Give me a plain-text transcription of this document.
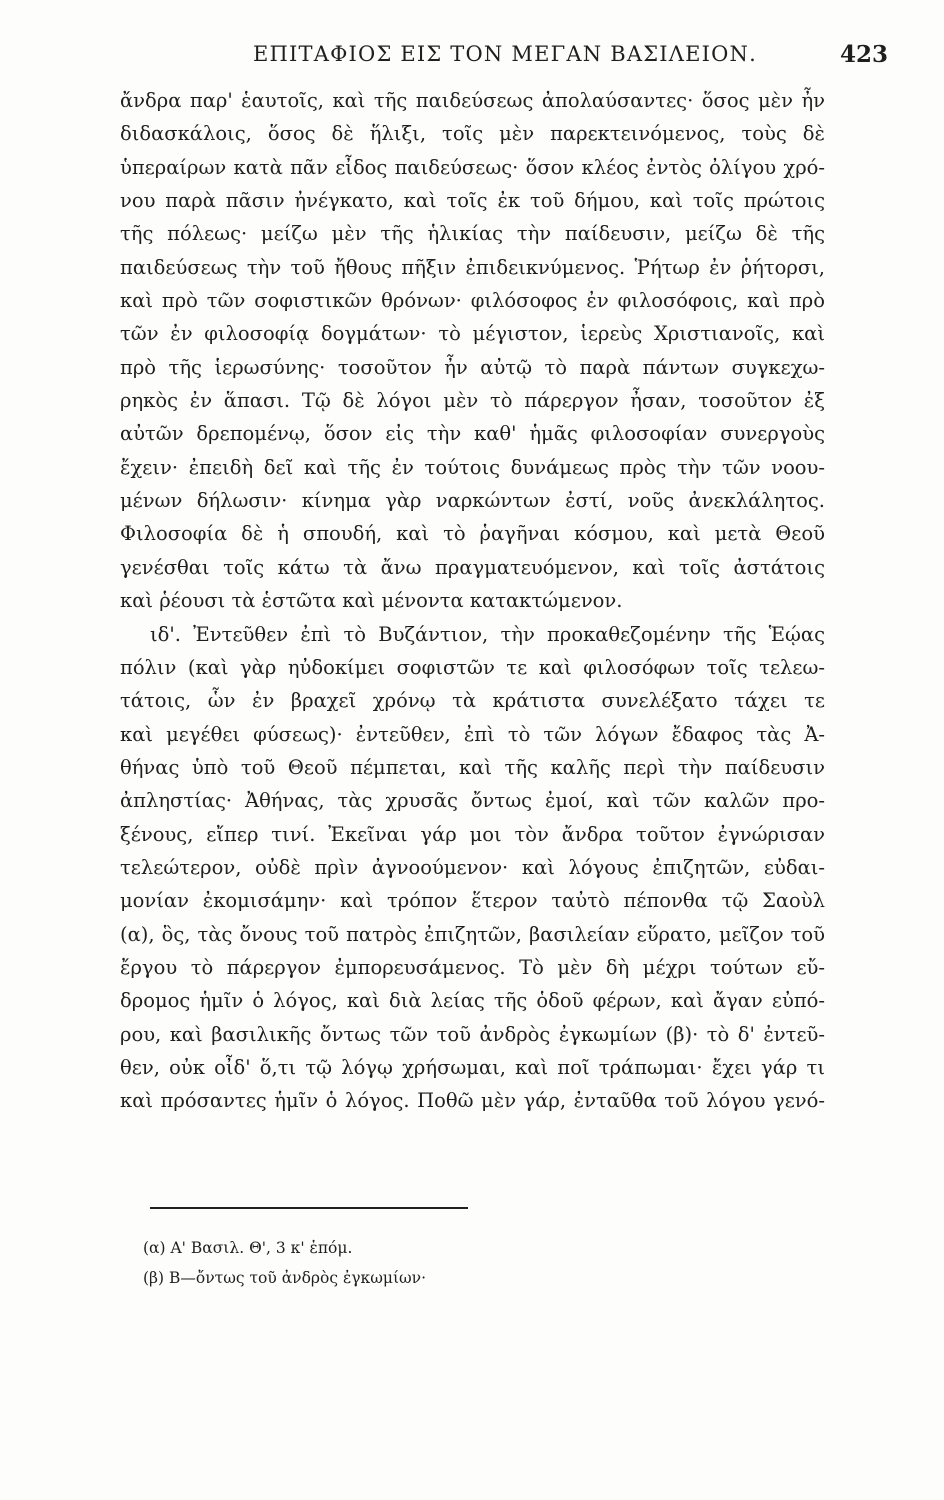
ΕΠΙΤΑΦΙΟΣ ΕΙΣ ΤΟΝ ΜΕΓΑΝ ΒΑΣΙΛΕΙΟΝ.	423
ἄνδρα παρ' ἑαυτοῖς, καὶ τῆς παιδεύσεως ἀπολαύσαντες· ὅσος μὲν ἦν
διδασκάλοις, ὅσος δὲ ἥλιξι, τοῖς μὲν παρεκτεινόμενος, τοὺς δὲ
ὑπεραίρων κατὰ πᾶν εἶδος παιδεύσεως· ὅσον κλέος ἐντὸς ὀλίγου χρό-
νου παρὰ πᾶσιν ἠνέγκατο, καὶ τοῖς ἐκ τοῦ δήμου, καὶ τοῖς πρώτοις
τῆς πόλεως· μείζω μὲν τῆς ἡλικίας τὴν παίδευσιν, μείζω δὲ τῆς
παιδεύσεως τὴν τοῦ ἤθους πῆξιν ἐπιδεικνύμενος. Ῥήτωρ ἐν ῥήτορσι,
καὶ πρὸ τῶν σοφιστικῶν θρόνων· φιλόσοφος ἐν φιλοσόφοις, καὶ πρὸ
τῶν ἐν φιλοσοφίᾳ δογμάτων· τὸ μέγιστον, ἱερεὺς Χριστιανοῖς, καὶ
πρὸ τῆς ἱερωσύνης· τοσοῦτον ἦν αὐτῷ τὸ παρὰ πάντων συγκεχω-
ρηκὸς ἐν ἅπασι. Τῷ δὲ λόγοι μὲν τὸ πάρεργον ἦσαν, τοσοῦτον ἐξ
αὐτῶν δρεπομένῳ, ὅσον εἰς τὴν καθ' ἡμᾶς φιλοσοφίαν συνεργοὺς
ἔχειν· ἐπειδὴ δεῖ καὶ τῆς ἐν τούτοις δυνάμεως πρὸς τὴν τῶν νοου-
μένων δήλωσιν· κίνημα γὰρ ναρκώντων ἐστί, νοῦς ἀνεκλάλητος.
Φιλοσοφία δὲ ἡ σπουδή, καὶ τὸ ῥαγῆναι κόσμου, καὶ μετὰ Θεοῦ
γενέσθαι τοῖς κάτω τὰ ἄνω πραγματευόμενον, καὶ τοῖς ἀστάτοις
καὶ ῥέουσι τὰ ἑστῶτα καὶ μένοντα κατακτώμενον.
ιδ'. Ἐντεῦθεν ἐπὶ τὸ Βυζάντιον, τὴν προκαθεζομένην τῆς Ἑῴας
πόλιν (καὶ γὰρ ηὐδοκίμει σοφιστῶν τε καὶ φιλοσόφων τοῖς τελεω-
τάτοις, ὧν ἐν βραχεῖ χρόνῳ τὰ κράτιστα συνελέξατο τάχει τε
καὶ μεγέθει φύσεως)· ἐντεῦθεν, ἐπὶ τὸ τῶν λόγων ἔδαφος τὰς Ἀ-
θήνας ὑπὸ τοῦ Θεοῦ πέμπεται, καὶ τῆς καλῆς περὶ τὴν παίδευσιν
ἀπληστίας· Ἀθήνας, τὰς χρυσᾶς ὄντως ἐμοί, καὶ τῶν καλῶν προ-
ξένους, εἴπερ τινί. Ἐκεῖναι γάρ μοι τὸν ἄνδρα τοῦτον ἐγνώρισαν
τελεώτερον, οὐδὲ πρὶν ἀγνοούμενον· καὶ λόγους ἐπιζητῶν, εὐδαι-
μονίαν ἐκομισάμην· καὶ τρόπον ἕτερον ταὐτὸ πέπονθα τῷ Σαοὺλ
(α), ὃς, τὰς ὄνους τοῦ πατρὸς ἐπιζητῶν, βασιλείαν εὕρατο, μεῖζον τοῦ
ἔργου τὸ πάρεργον ἐμπορευσάμενος. Τὸ μὲν δὴ μέχρι τούτων εὔ-
δρομος ἡμῖν ὁ λόγος, καὶ διὰ λείας τῆς ὁδοῦ φέρων, καὶ ἄγαν εὐπό-
ρου, καὶ βασιλικῆς ὄντως τῶν τοῦ ἀνδρὸς ἐγκωμίων (β)· τὸ δ' ἐντεῦ-
θεν, οὐκ οἶδ' ὅ,τι τῷ λόγῳ χρήσωμαι, καὶ ποῖ τράπωμαι· ἔχει γάρ τι
καὶ πρόσαντες ἡμῖν ὁ λόγος. Ποθῶ μὲν γάρ, ἐνταῦθα τοῦ λόγου γενό-
(α) Α' Βασιλ. Θ', 3 κ' ἑπόμ.
(β) Β—ὄντως τοῦ ἀνδρὸς ἐγκωμίων·
